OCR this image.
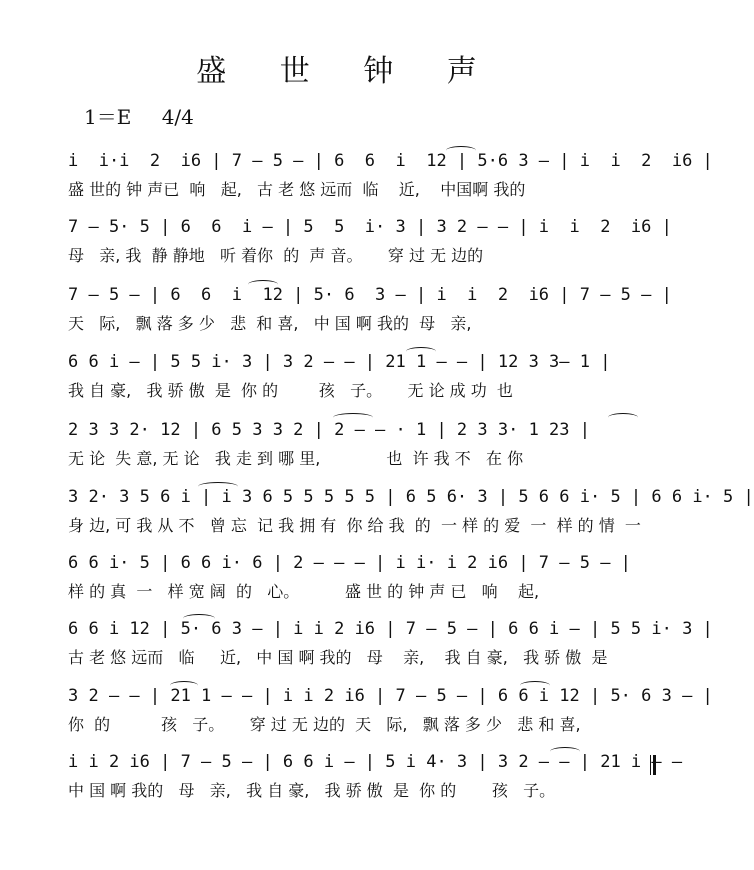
盛 世 钟 声
1＝E 4/4
i  i·i  2  i6 | 7 – 5 – | 6  6  i  12 | 5·6 3 – | i  i  2  i6 |
盛 世的 钟 声已  响   起,   古 老 悠 远而  临    近,    中国啊 我的
7 – 5· 5 | 6  6  i – | 5  5  i· 3 | 3 2 – – | i  i  2  i6 |
母   亲, 我  静 静地   听 着你  的  声 音。     穿 过 无 边的
7 – 5 – | 6  6  i  12 | 5· 6  3 – | i  i  2  i6 | 7 – 5 – |
天   际,   飘 落 多 少   悲  和 喜,   中 国 啊 我的  母   亲,
6 6 i – | 5 5 i· 3 | 3 2 – – | 21 1 – – | 12 3 3– 1 |
我 自 豪,   我 骄 傲  是  你 的        孩   子。     无 论 成 功  也
2 3 3 2· 12 | 6 5 3 3 2 | 2 – – · 1 | 2 3 3· 1 23 |
无 论  失 意, 无 论   我 走 到 哪 里,             也  许 我 不   在 你
3 2· 3 5 6 i | i 3 6 5 5 5 5 5 | 6 5 6· 3 | 5 6 6 i· 5 | 6 6 i· 5 |
身 边, 可 我 从 不   曾 忘  记 我 拥 有  你 给 我  的  一 样 的 爱  一  样 的 情  一
6 6 i· 5 | 6 6 i· 6 | 2 – – – | i i· i 2 i6 | 7 – 5 – |
样 的 真  一   样 宽 阔  的   心。         盛 世 的 钟 声 已   响    起,
6 6 i 12 | 5· 6 3 – | i i 2 i6 | 7 – 5 – | 6 6 i – | 5 5 i· 3 |
古 老 悠 远而   临     近,   中 国 啊 我的   母    亲,    我 自 豪,   我 骄 傲  是
3 2 – – | 21 1 – – | i i 2 i6 | 7 – 5 – | 6 6 i 12 | 5· 6 3 – |
你  的          孩   子。     穿 过 无 边的  天   际,   飘 落 多 少   悲 和 喜,
i i 2 i6 | 7 – 5 – | 6 6 i – | 5 i 4· 3 | 3 2 – – | 21 i – –
中 国 啊 我的   母   亲,   我 自 豪,   我 骄 傲  是  你 的       孩   子。
